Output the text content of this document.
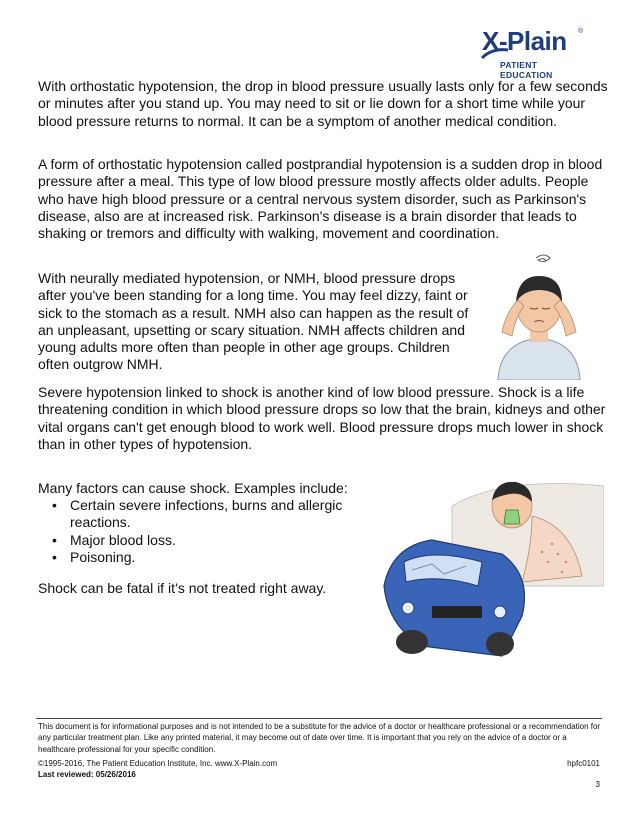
X-Plain ®
PATIENT EDUCATION

With orthostatic hypotension, the drop in blood pressure usually lasts only for a few seconds or minutes after you stand up. You may need to sit or lie down for a short time while your blood pressure returns to normal. It can be a symptom of another medical condition.

A form of orthostatic hypotension called postprandial hypotension is a sudden drop in blood pressure after a meal. This type of low blood pressure mostly affects older adults. People who have high blood pressure or a central nervous system disorder, such as Parkinson's disease, also are at increased risk. Parkinson's disease is a brain disorder that leads to shaking or tremors and difficulty with walking, movement and coordination.

With neurally mediated hypotension, or NMH, blood pressure drops after you've been standing for a long time. You may feel dizzy, faint or sick to the stomach as a result. NMH also can happen as the result of an unpleasant, upsetting or scary situation. NMH affects children and young adults more often than people in other age groups. Children often outgrow NMH.

Severe hypotension linked to shock is another kind of low blood pressure. Shock is a life threatening condition in which blood pressure drops so low that the brain, kidneys and other vital organs can't get enough blood to work well. Blood pressure drops much lower in shock than in other types of hypotension.

Many factors can cause shock. Examples include:

• Certain severe infections, burns and allergic reactions.
• Major blood loss.
• Poisoning.

Shock can be fatal if it’s not treated right away.

This document is for informational purposes and is not intended to be a substitute for the advice of a doctor or healthcare professional or a recommendation for any particular treatment plan. Like any printed material, it may become out of date over time. It is important that you rely on the advice of a doctor or a healthcare professional for your specific condition.

©1995-2016, The Patient Education Institute, Inc. www.X-Plain.com	hpfc0101
Last reviewed: 05/26/2016
3
